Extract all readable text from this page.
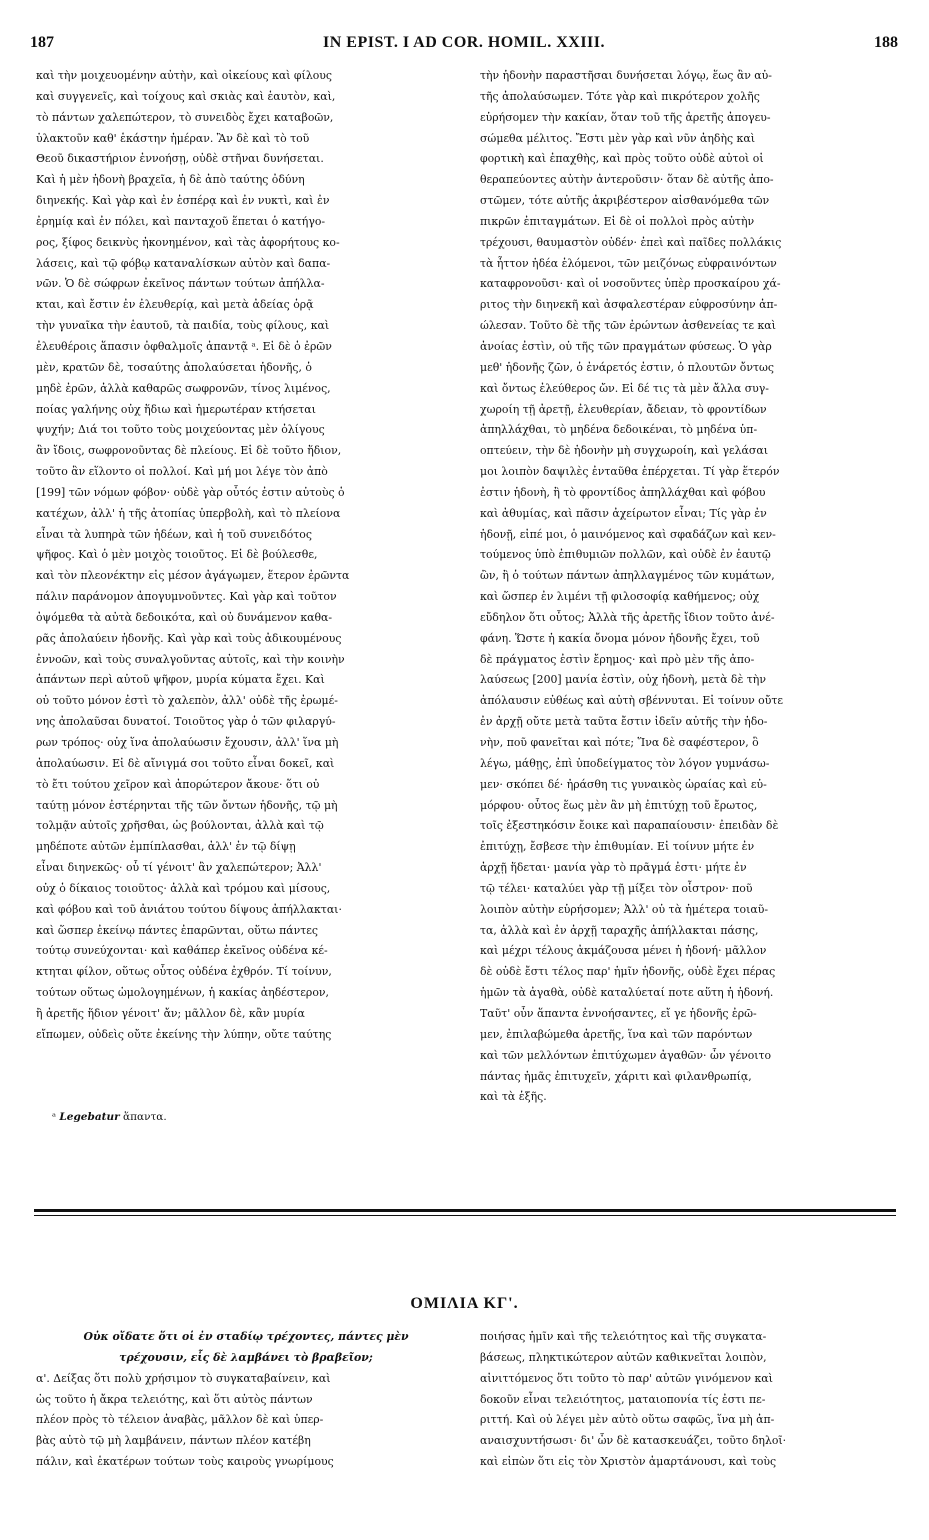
187	IN EPIST. I AD COR. HOMIL. XXIII.	188
καὶ τὴν μοιχευομένην αὐτὴν, καὶ οἰκείους καὶ φίλους
καὶ συγγενεῖς, καὶ τοίχους καὶ σκιὰς καὶ ἑαυτὸν, καὶ,
τὸ πάντων χαλεπώτερον, τὸ συνειδὸς ἔχει καταβοῶν,
ὑλακτοῦν καθ' ἑκάστην ἡμέραν. Ἂν δὲ καὶ τὸ τοῦ
Θεοῦ δικαστήριον ἐννοήσῃ, οὐδὲ στῆναι δυνήσεται.
Καὶ ἡ μὲν ἡδονὴ βραχεῖα, ἡ δὲ ἀπὸ ταύτης ὀδύνη
διηνεκής. Καὶ γὰρ καὶ ἐν ἑσπέρᾳ καὶ ἐν νυκτὶ, καὶ ἐν
ἐρημίᾳ καὶ ἐν πόλει, καὶ πανταχοῦ ἕπεται ὁ κατήγο-
ρος, ξίφος δεικνὺς ἠκονημένον, καὶ τὰς ἀφορήτους κο-
λάσεις, καὶ τῷ φόβῳ καταναλίσκων αὐτὸν καὶ δαπα-
νῶν. Ὁ δὲ σώφρων ἐκεῖνος πάντων τούτων ἀπήλλα-
κται, καὶ ἔστιν ἐν ἐλευθερίᾳ, καὶ μετὰ ἀδείας ὁρᾷ
τὴν γυναῖκα τὴν ἑαυτοῦ, τὰ παιδία, τοὺς φίλους, καὶ
ἐλευθέροις ἅπασιν ὀφθαλμοῖς ἀπαντᾷ ᵃ. Εἰ δὲ ὁ ἐρῶν
μὲν, κρατῶν δὲ, τοσαύτης ἀπολαύσεται ἡδονῆς, ὁ
μηδὲ ἐρῶν, ἀλλὰ καθαρῶς σωφρονῶν, τίνος λιμένος,
ποίας γαλήνης οὐχ ἥδιω καὶ ἡμερωτέραν κτήσεται
ψυχήν; Διά τοι τοῦτο τοὺς μοιχεύοντας μὲν ὀλίγους
ἂν ἴδοις, σωφρονοῦντας δὲ πλείους. Εἰ δὲ τοῦτο ἥδιον,
τοῦτο ἂν εἵλοντο οἱ πολλοί. Καὶ μή μοι λέγε τὸν ἀπὸ
[199] τῶν νόμων φόβον· οὐδὲ γὰρ οὗτός ἐστιν αὐτοὺς ὁ
κατέχων, ἀλλ' ἡ τῆς ἀτοπίας ὑπερβολὴ, καὶ τὸ πλείονα
εἶναι τὰ λυπηρὰ τῶν ἡδέων, καὶ ἡ τοῦ συνειδότος
ψῆφος. Καὶ ὁ μὲν μοιχὸς τοιοῦτος. Εἰ δὲ βούλεσθε,
καὶ τὸν πλεονέκτην εἰς μέσον ἀγάγωμεν, ἕτερον ἐρῶντα
πάλιν παράνομον ἀπογυμνοῦντες. Καὶ γὰρ καὶ τοῦτον
ὀψόμεθα τὰ αὐτὰ δεδοικότα, καὶ οὐ δυνάμενον καθα-
ρᾶς ἀπολαύειν ἡδονῆς. Καὶ γὰρ καὶ τοὺς ἀδικουμένους
ἐννοῶν, καὶ τοὺς συναλγοῦντας αὐτοῖς, καὶ τὴν κοινὴν
ἁπάντων περὶ αὐτοῦ ψῆφον, μυρία κύματα ἔχει. Καὶ
οὐ τοῦτο μόνον ἐστὶ τὸ χαλεπὸν, ἀλλ' οὐδὲ τῆς ἐρωμέ-
νης ἀπολαῦσαι δυνατοί. Τοιοῦτος γὰρ ὁ τῶν φιλαργύ-
ρων τρόπος· οὐχ ἵνα ἀπολαύωσιν ἔχουσιν, ἀλλ' ἵνα μὴ
ἀπολαύωσιν. Εἰ δὲ αἴνιγμά σοι τοῦτο εἶναι δοκεῖ, καὶ
τὸ ἔτι τούτου χεῖρον καὶ ἀπορώτερον ἄκουε· ὅτι οὐ
ταύτῃ μόνον ἐστέρηνται τῆς τῶν ὄντων ἡδονῆς, τῷ μὴ
τολμᾷν αὐτοῖς χρῆσθαι, ὡς βούλονται, ἀλλὰ καὶ τῷ
μηδέποτε αὐτῶν ἐμπίπλασθαι, ἀλλ' ἐν τῷ δίψῃ
εἶναι διηνεκῶς· οὗ τί γένοιτ' ἂν χαλεπώτερον; Ἀλλ'
οὐχ ὁ δίκαιος τοιοῦτος· ἀλλὰ καὶ τρόμου καὶ μίσους,
καὶ φόβου καὶ τοῦ ἀνιάτου τούτου δίψους ἀπήλλακται·
καὶ ὥσπερ ἐκείνῳ πάντες ἐπαρῶνται, οὕτω πάντες
τούτῳ συνεύχονται· καὶ καθάπερ ἐκεῖνος οὐδένα κέ-
κτηται φίλον, οὕτως οὗτος οὐδένα ἐχθρόν. Τί τοίνυν,
τούτων οὕτως ὡμολογημένων, ἡ κακίας ἀηδέστερον,
ἢ ἀρετῆς ἥδιον γένοιτ' ἄν; μᾶλλον δὲ, κἂν μυρία
εἴπωμεν, οὐδεὶς οὔτε ἐκείνης τὴν λύπην, οὔτε ταύτης
τὴν ἡδονὴν παραστῆσαι δυνήσεται λόγῳ, ἕως ἂν αὐ-
τῆς ἀπολαύσωμεν. Τότε γὰρ καὶ πικρότερον χολῆς
εὑρήσομεν τὴν κακίαν, ὅταν τοῦ τῆς ἀρετῆς ἀπογευ-
σώμεθα μέλιτος. Ἔστι μὲν γὰρ καὶ νῦν ἀηδὴς καὶ
φορτικὴ καὶ ἐπαχθὴς, καὶ πρὸς τοῦτο οὐδὲ αὐτοὶ οἱ
θεραπεύοντες αὐτὴν ἀντεροῦσιν· ὅταν δὲ αὐτῆς ἀπο-
στῶμεν, τότε αὐτῆς ἀκριβέστερον αἰσθανόμεθα τῶν
πικρῶν ἐπιταγμάτων. Εἰ δὲ οἱ πολλοὶ πρὸς αὐτὴν
τρέχουσι, θαυμαστὸν οὐδέν· ἐπεὶ καὶ παῖδες πολλάκις
τὰ ἧττον ἡδέα ἑλόμενοι, τῶν μειζόνως εὐφραινόντων
καταφρονοῦσι· καὶ οἱ νοσοῦντες ὑπὲρ προσκαίρου χά-
ριτος τὴν διηνεκῆ καὶ ἀσφαλεστέραν εὐφροσύνην ἀπ-
ώλεσαν. Τοῦτο δὲ τῆς τῶν ἐρώντων ἀσθενείας τε καὶ
ἀνοίας ἐστὶν, οὐ τῆς τῶν πραγμάτων φύσεως. Ὁ γὰρ
μεθ' ἡδονῆς ζῶν, ὁ ἐνάρετός ἐστιν, ὁ πλουτῶν ὄντως
καὶ ὄντως ἐλεύθερος ὤν. Εἰ δέ τις τὰ μὲν ἄλλα συγ-
χωροίη τῇ ἀρετῇ, ἐλευθερίαν, ἄδειαν, τὸ φροντίδων
ἀπηλλάχθαι, τὸ μηδένα δεδοικέναι, τὸ μηδένα ὑπ-
οπτεύειν, τὴν δὲ ἡδονὴν μὴ συγχωροίη, καὶ γελάσαι
μοι λοιπὸν δαψιλὲς ἐνταῦθα ἐπέρχεται. Τί γὰρ ἕτερόν
ἐστιν ἡδονὴ, ἢ τὸ φροντίδος ἀπηλλάχθαι καὶ φόβου
καὶ ἀθυμίας, καὶ πᾶσιν ἀχείρωτον εἶναι; Τίς γὰρ ἐν
ἡδονῇ, εἰπέ μοι, ὁ μαινόμενος καὶ σφαδάζων καὶ κεν-
τούμενος ὑπὸ ἐπιθυμιῶν πολλῶν, καὶ οὐδὲ ἐν ἑαυτῷ
ὢν, ἢ ὁ τούτων πάντων ἀπηλλαγμένος τῶν κυμάτων,
καὶ ὥσπερ ἐν λιμένι τῇ φιλοσοφίᾳ καθήμενος; οὐχ
εὔδηλον ὅτι οὗτος; Ἀλλὰ τῆς ἀρετῆς ἴδιον τοῦτο ἀνέ-
φάνη. Ὥστε ἡ κακία ὄνομα μόνον ἡδονῆς ἔχει, τοῦ
δὲ πράγματος ἐστὶν ἔρημος· καὶ πρὸ μὲν τῆς ἀπο-
λαύσεως [200] μανία ἐστὶν, οὐχ ἡδονὴ, μετὰ δὲ τὴν
ἀπόλαυσιν εὐθέως καὶ αὐτὴ σβέννυται. Εἰ τοίνυν οὔτε
ἐν ἀρχῇ οὔτε μετὰ ταῦτα ἔστιν ἰδεῖν αὐτῆς τὴν ἡδο-
νὴν, ποῦ φανεῖται καὶ πότε; Ἵνα δὲ σαφέστερον, ὃ
λέγω, μάθῃς, ἐπὶ ὑποδείγματος τὸν λόγον γυμνάσω-
μεν· σκόπει δέ· ἠράσθη τις γυναικὸς ὡραίας καὶ εὐ-
μόρφου· οὗτος ἕως μὲν ἂν μὴ ἐπιτύχῃ τοῦ ἔρωτος,
τοῖς ἐξεστηκόσιν ἔοικε καὶ παραπαίουσιν· ἐπειδὰν δὲ
ἐπιτύχῃ, ἔσβεσε τὴν ἐπιθυμίαν. Εἰ τοίνυν μήτε ἐν
ἀρχῇ ἥδεται· μανία γὰρ τὸ πρᾶγμά ἐστι· μήτε ἐν
τῷ τέλει· καταλύει γὰρ τῇ μίξει τὸν οἶστρον· ποῦ
λοιπὸν αὐτὴν εὑρήσομεν; Ἀλλ' οὐ τὰ ἡμέτερα τοιαῦ-
τα, ἀλλὰ καὶ ἐν ἀρχῇ ταραχῆς ἀπήλλακται πάσης,
καὶ μέχρι τέλους ἀκμάζουσα μένει ἡ ἡδονή· μᾶλλον
δὲ οὐδὲ ἔστι τέλος παρ' ἡμῖν ἡδονῆς, οὐδὲ ἔχει πέρας
ἡμῶν τὰ ἀγαθὰ, οὐδὲ καταλύεταί ποτε αὕτη ἡ ἡδονή.
Ταῦτ' οὖν ἅπαντα ἐννοήσαντες, εἴ γε ἡδονῆς ἐρῶ-
μεν, ἐπιλαβώμεθα ἀρετῆς, ἵνα καὶ τῶν παρόντων
καὶ τῶν μελλόντων ἐπιτύχωμεν ἀγαθῶν· ὧν γένοιτο
πάντας ἡμᾶς ἐπιτυχεῖν, χάριτι καὶ φιλανθρωπίᾳ,
καὶ τὰ ἑξῆς.
ᵃ Legebatur ἅπαντα.
ΟΜΙΛΙΑ ΚΓ'.
Οὐκ οἴδατε ὅτι οἱ ἐν σταδίῳ τρέχοντες, πάντες μὲν
τρέχουσιν, εἷς δὲ λαμβάνει τὸ βραβεῖον;
α'. Δείξας ὅτι πολὺ χρήσιμον τὸ συγκαταβαίνειν, καὶ
ὡς τοῦτο ἡ ἄκρα τελειότης, καὶ ὅτι αὐτὸς πάντων
πλέον πρὸς τὸ τέλειον ἀναβὰς, μᾶλλον δὲ καὶ ὑπερ-
βὰς αὐτὸ τῷ μὴ λαμβάνειν, πάντων πλέον κατέβη
πάλιν, καὶ ἑκατέρων τούτων τοὺς καιροὺς γνωρίμους
ποιήσας ἡμῖν καὶ τῆς τελειότητος καὶ τῆς συγκατα-
βάσεως, πληκτικώτερον αὐτῶν καθικνεῖται λοιπὸν,
αἰνιττόμενος ὅτι τοῦτο τὸ παρ' αὐτῶν γινόμενον καὶ
δοκοῦν εἶναι τελειότητος, ματαιοπονία τίς ἐστι πε-
ριττή. Καὶ οὐ λέγει μὲν αὐτὸ οὕτω σαφῶς, ἵνα μὴ ἀπ-
αναισχυντήσωσι· δι' ὧν δὲ κατασκευάζει, τοῦτο δηλοῖ·
καὶ εἰπὼν ὅτι εἰς τὸν Χριστὸν ἁμαρτάνουσι, καὶ τοὺς
